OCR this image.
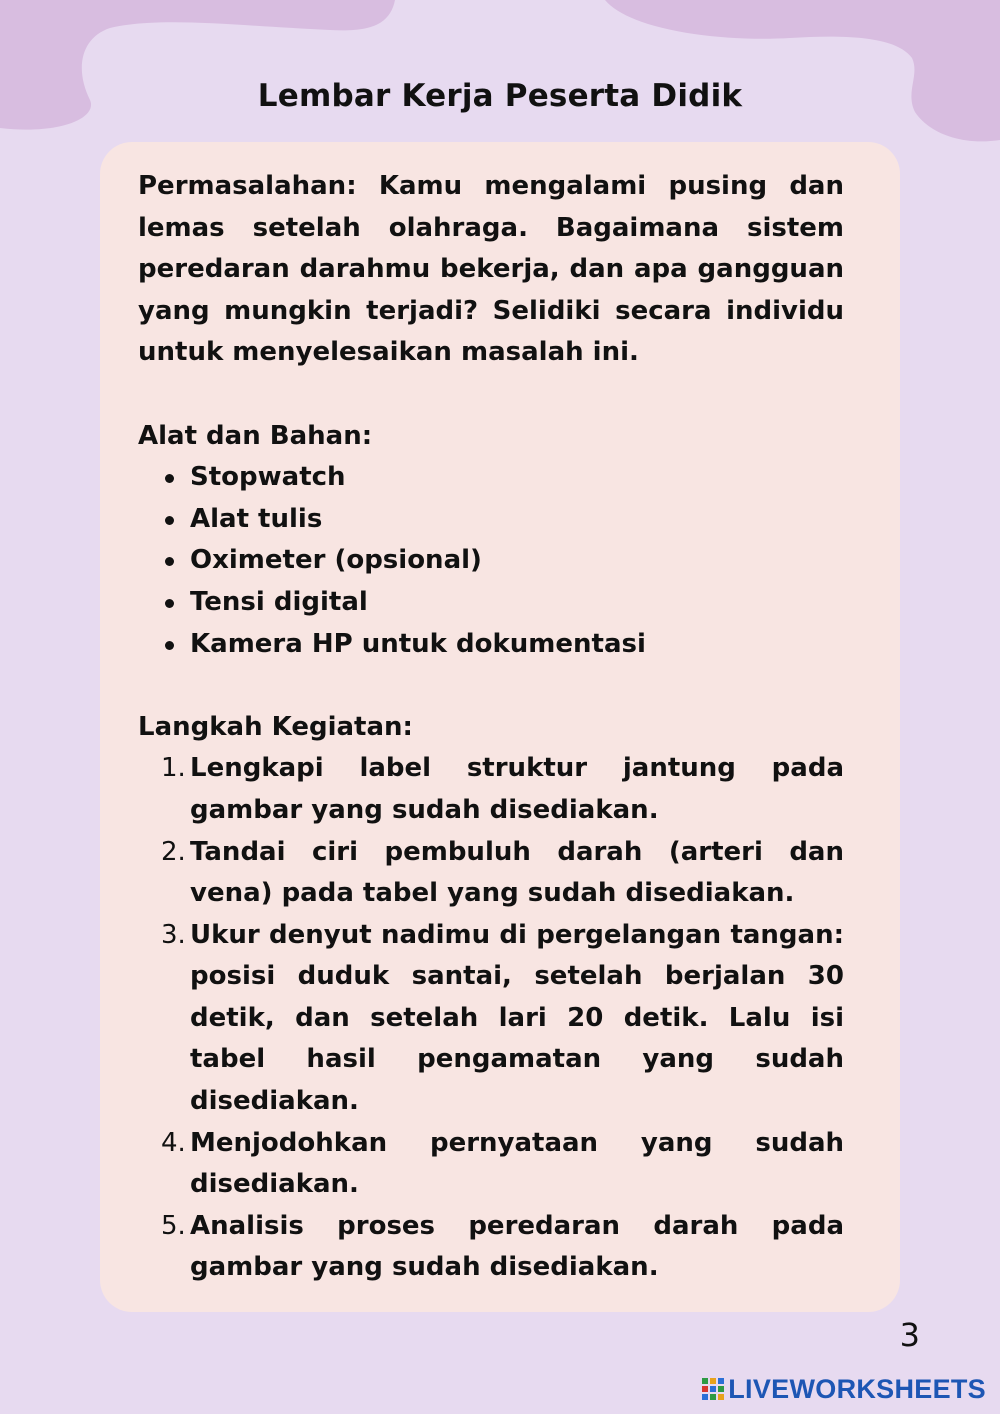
Lembar Kerja Peserta Didik

Permasalahan: Kamu mengalami pusing dan lemas setelah olahraga. Bagaimana sistem peredaran darahmu bekerja, dan apa gangguan yang mungkin terjadi? Selidiki secara individu untuk menyelesaikan masalah ini.

Alat dan Bahan:
Stopwatch
Alat tulis
Oximeter (opsional)
Tensi digital
Kamera HP untuk dokumentasi
Langkah Kegiatan:
1. Lengkapi label struktur jantung pada gambar yang sudah disediakan.
2. Tandai ciri pembuluh darah (arteri dan vena) pada tabel yang sudah disediakan.
3. Ukur denyut nadimu di pergelangan tangan: posisi duduk santai, setelah berjalan 30 detik, dan setelah lari 20 detik. Lalu isi tabel hasil pengamatan yang sudah disediakan.
4. Menjodohkan pernyataan yang sudah disediakan.
5. Analisis proses peredaran darah pada gambar yang sudah disediakan.
3
LIVEWORKSHEETS
